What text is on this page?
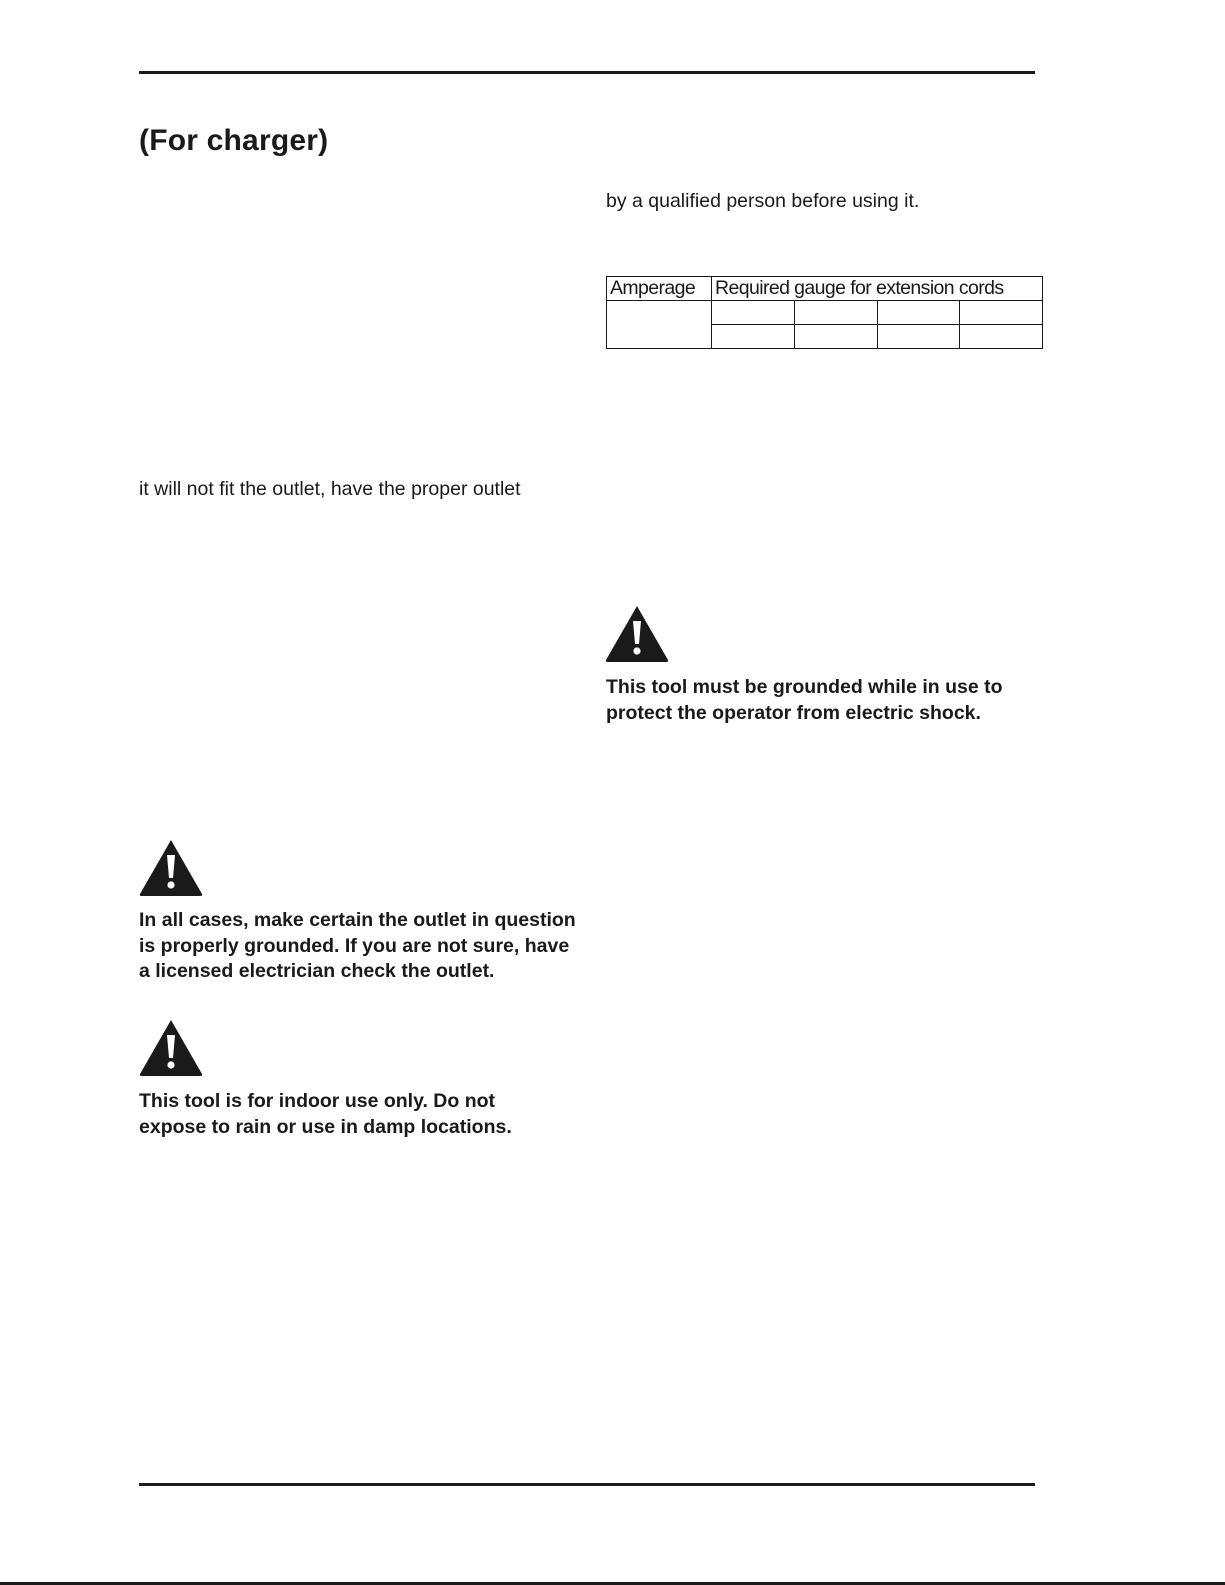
(For charger)
by a qualified person before using it.
Amperage	Required gauge for extension cords			

it will not fit the outlet, have the proper outlet

This tool must be grounded while in use to protect the operator from electric shock.

In all cases, make certain the outlet in question is properly grounded. If you are not sure, have a licensed electrician check the outlet.

This tool is for indoor use only. Do not expose to rain or use in damp locations.
